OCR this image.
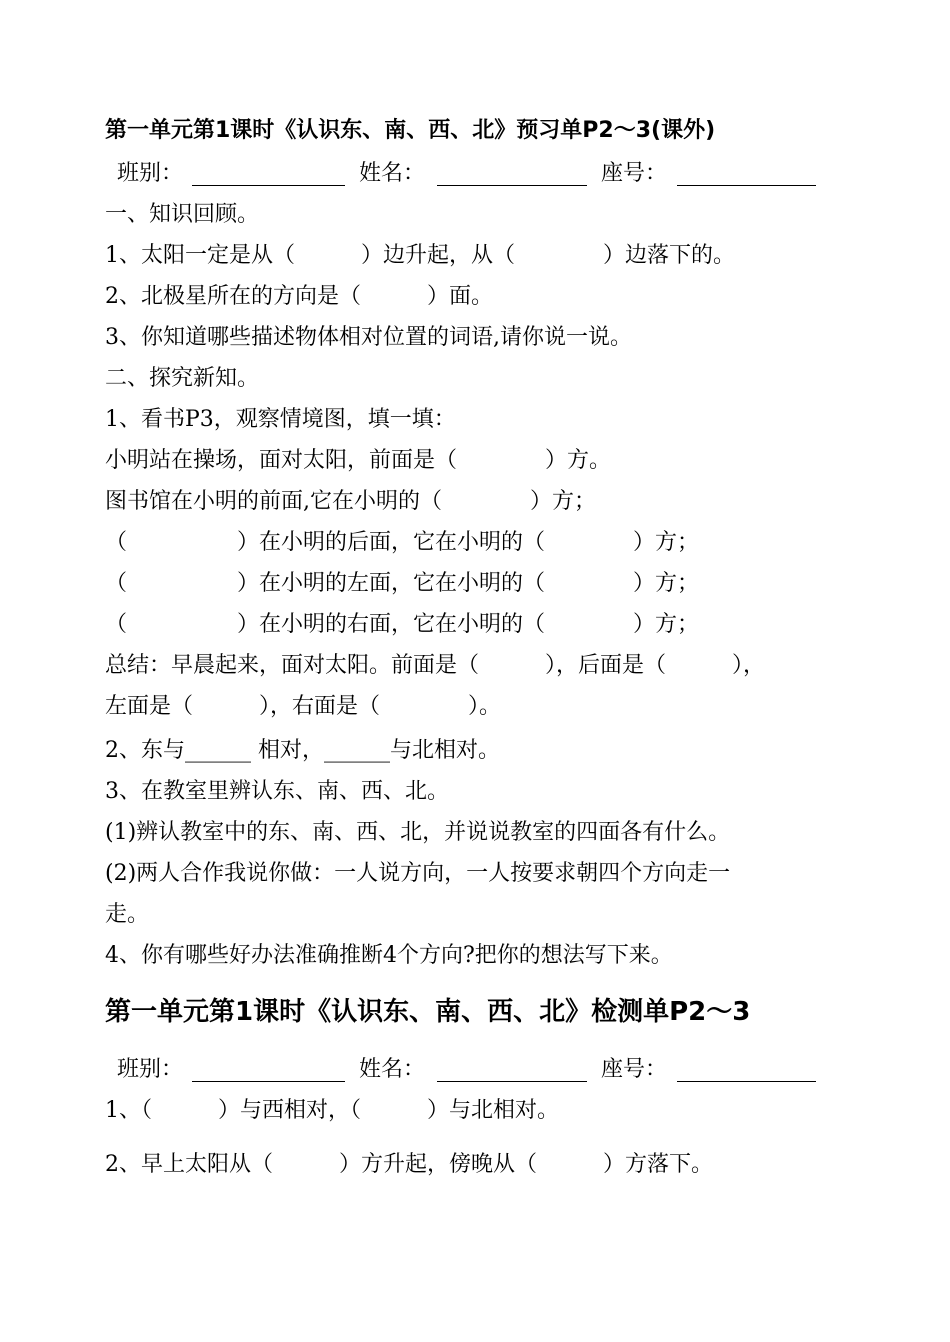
第一单元第1课时《认识东、南、西、北》预习单P2～3(课外)

班别：

	姓名：

	座号：

一、知识回顾。
1、太阳一定是从（　　　）边升起，从（　　　　）边落下的。
2、北极星所在的方向是（　　　）面。
3、你知道哪些描述物体相对位置的词语,请你说一说。
二、探究新知。
1、看书P3，观察情境图，填一填：
小明站在操场，面对太阳，前面是（　　　　）方。
图书馆在小明的前面,它在小明的（　　　　）方；
（　　　　　）在小明的后面，它在小明的（　　　　）方；
（　　　　　）在小明的左面，它在小明的（　　　　）方；
（　　　　　）在小明的右面，它在小明的（　　　　）方；
总结：早晨起来，面对太阳。前面是（　　　），后面是（　　　），
左面是（　　　），右面是（　　　　）。
2、东与______ 相对，______与北相对。
3、在教室里辨认东、南、西、北。
(1)辨认教室中的东、南、西、北，并说说教室的四面各有什么。
(2)两人合作我说你做：一人说方向，一人按要求朝四个方向走一
走。
4、你有哪些好办法准确推断4个方向?把你的想法写下来。
第一单元第1课时《认识东、南、西、北》检测单P2～3

班别：

	姓名：

	座号：

1、（　　　）与西相对，（　　　）与北相对。
2、早上太阳从（　　　）方升起，傍晚从（　　　）方落下。
